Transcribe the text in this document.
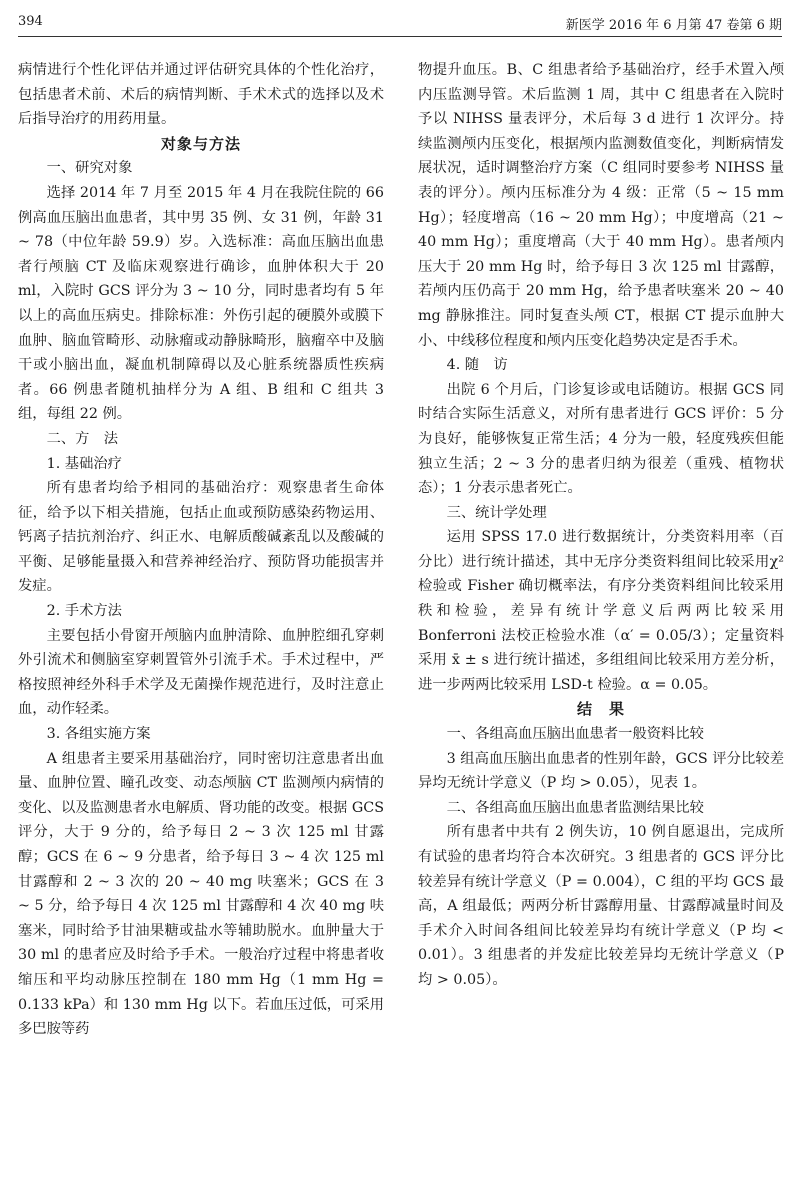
394	新医学 2016 年 6 月第 47 卷第 6 期

病情进行个性化评估并通过评估研究具体的个性化治疗，包括患者术前、术后的病情判断、手术术式的选择以及术后指导治疗的用药用量。

对象与方法

一、研究对象

选择 2014 年 7 月至 2015 年 4 月在我院住院的 66 例高血压脑出血患者，其中男 35 例、女 31 例，年龄 31 ~ 78（中位年龄 59.9）岁。入选标准：高血压脑出血患者行颅脑 CT 及临床观察进行确诊，血肿体积大于 20 ml，入院时 GCS 评分为 3 ~ 10 分，同时患者均有 5 年以上的高血压病史。排除标准：外伤引起的硬膜外或膜下血肿、脑血管畸形、动脉瘤或动静脉畸形，脑瘤卒中及脑干或小脑出血，凝血机制障碍以及心脏系统器质性疾病者。66 例患者随机抽样分为 A 组、B 组和 C 组共 3 组，每组 22 例。

二、方　法

1. 基础治疗

所有患者均给予相同的基础治疗：观察患者生命体征，给予以下相关措施，包括止血或预防感染药物运用、钙离子拮抗剂治疗、纠正水、电解质酸碱紊乱以及酸碱的平衡、足够能量摄入和营养神经治疗、预防肾功能损害并发症。

2. 手术方法

主要包括小骨窗开颅脑内血肿清除、血肿腔细孔穿刺外引流术和侧脑室穿刺置管外引流手术。手术过程中，严格按照神经外科手术学及无菌操作规范进行，及时注意止血，动作轻柔。

3. 各组实施方案

A 组患者主要采用基础治疗，同时密切注意患者出血量、血肿位置、瞳孔改变、动态颅脑 CT 监测颅内病情的变化、以及监测患者水电解质、肾功能的改变。根据 GCS 评分，大于 9 分的，给予每日 2 ~ 3 次 125 ml 甘露醇；GCS 在 6 ~ 9 分患者，给予每日 3 ~ 4 次 125 ml 甘露醇和 2 ~ 3 次的 20 ~ 40 mg 呋塞米；GCS 在 3 ~ 5 分，给予每日 4 次 125 ml 甘露醇和 4 次 40 mg 呋塞米，同时给予甘油果糖或盐水等辅助脱水。血肿量大于 30 ml 的患者应及时给予手术。一般治疗过程中将患者收缩压和平均动脉压控制在 180 mm Hg（1 mm Hg = 0.133 kPa）和 130 mm Hg 以下。若血压过低，可采用多巴胺等药

物提升血压。B、C 组患者给予基础治疗，经手术置入颅内压监测导管。术后监测 1 周，其中 C 组患者在入院时予以 NIHSS 量表评分，术后每 3 d 进行 1 次评分。持续监测颅内压变化，根据颅内监测数值变化，判断病情发展状况，适时调整治疗方案（C 组同时要参考 NIHSS 量表的评分）。颅内压标准分为 4 级：正常（5 ~ 15 mm Hg）；轻度增高（16 ~ 20 mm Hg）；中度增高（21 ~ 40 mm Hg）；重度增高（大于 40 mm Hg）。患者颅内压大于 20 mm Hg 时，给予每日 3 次 125 ml 甘露醇，若颅内压仍高于 20 mm Hg，给予患者呋塞米 20 ~ 40 mg 静脉推注。同时复查头颅 CT，根据 CT 提示血肿大小、中线移位程度和颅内压变化趋势决定是否手术。

4. 随　访

出院 6 个月后，门诊复诊或电话随访。根据 GCS 同时结合实际生活意义，对所有患者进行 GCS 评价：5 分为良好，能够恢复正常生活；4 分为一般，轻度残疾但能独立生活；2 ~ 3 分的患者归纳为很差（重残、植物状态）；1 分表示患者死亡。

三、统计学处理

运用 SPSS 17.0 进行数据统计，分类资料用率（百分比）进行统计描述，其中无序分类资料组间比较采用χ² 检验或 Fisher 确切概率法，有序分类资料组间比较采用秩和检验，差异有统计学意义后两两比较采用 Bonferroni 法校正检验水准（α′ = 0.05/3）；定量资料采用 x̄ ± s 进行统计描述，多组组间比较采用方差分析，进一步两两比较采用 LSD-t 检验。α = 0.05。

结　果

一、各组高血压脑出血患者一般资料比较

3 组高血压脑出血患者的性别年龄，GCS 评分比较差异均无统计学意义（P 均 > 0.05），见表 1。

二、各组高血压脑出血患者监测结果比较

所有患者中共有 2 例失访，10 例自愿退出，完成所有试验的患者均符合本次研究。3 组患者的 GCS 评分比较差异有统计学意义（P = 0.004），C 组的平均 GCS 最高，A 组最低；两两分析甘露醇用量、甘露醇减量时间及手术介入时间各组间比较差异均有统计学意义（P 均 < 0.01）。3 组患者的并发症比较差异均无统计学意义（P 均 > 0.05）。
